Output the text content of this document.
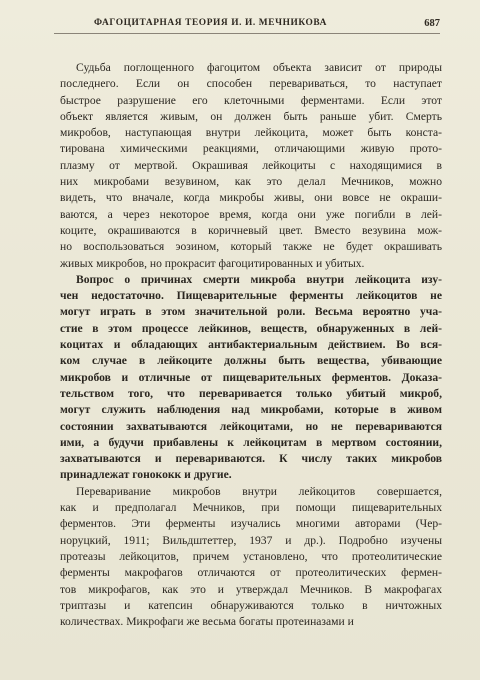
ФАГОЦИТАРНАЯ ТЕОРИЯ И. И. МЕЧНИКОВА	687
Судьба поглощенного фагоцитом объекта зависит от природы
последнего. Если он способен перевариваться, то наступает
быстрое разрушение его клеточными ферментами. Если этот
объект является живым, он должен быть раньше убит. Смерть
микробов, наступающая внутри лейкоцита, может быть конста-
тирована химическими реакциями, отличающими живую прото-
плазму от мертвой. Окрашивая лейкоциты с находящимися в
них микробами везувином, как это делал Мечников, можно
видеть, что вначале, когда микробы живы, они вовсе не окраши-
ваются, а через некоторое время, когда они уже погибли в лей-
коците, окрашиваются в коричневый цвет. Вместо везувина мож-
но воспользоваться эозином, который также не будет окрашивать
живых микробов, но прокрасит фагоцитированных и убитых.
Вопрос о причинах смерти микроба внутри лейкоцита изу-
чен недостаточно. Пищеварительные ферменты лейкоцитов не
могут играть в этом значительной роли. Весьма вероятно уча-
стие в этом процессе лейкинов, веществ, обнаруженных в лей-
коцитах и обладающих антибактериальным действием. Во вся-
ком случае в лейкоците должны быть вещества, убивающие
микробов и отличные от пищеварительных ферментов. Доказа-
тельством того, что переваривается только убитый микроб,
могут служить наблюдения над микробами, которые в живом
состоянии захватываются лейкоцитами, но не перевариваются
ими, а будучи прибавлены к лейкоцитам в мертвом состоянии,
захватываются и перевариваются. К числу таких микробов
принадлежат гонококк и другие.
Переваривание микробов внутри лейкоцитов совершается,
как и предполагал Мечников, при помощи пищеварительных
ферментов. Эти ферменты изучались многими авторами (Чер-
норуцкий, 1911; Вильдштеттер, 1937 и др.). Подробно изучены
протеазы лейкоцитов, причем установлено, что протеолитические
ферменты макрофагов отличаются от протеолитических фермен-
тов микрофагов, как это и утверждал Мечников. В макрофагах
триптазы и катепсин обнаруживаются только в ничтожных
количествах. Микрофаги же весьма богаты протеиназами и
